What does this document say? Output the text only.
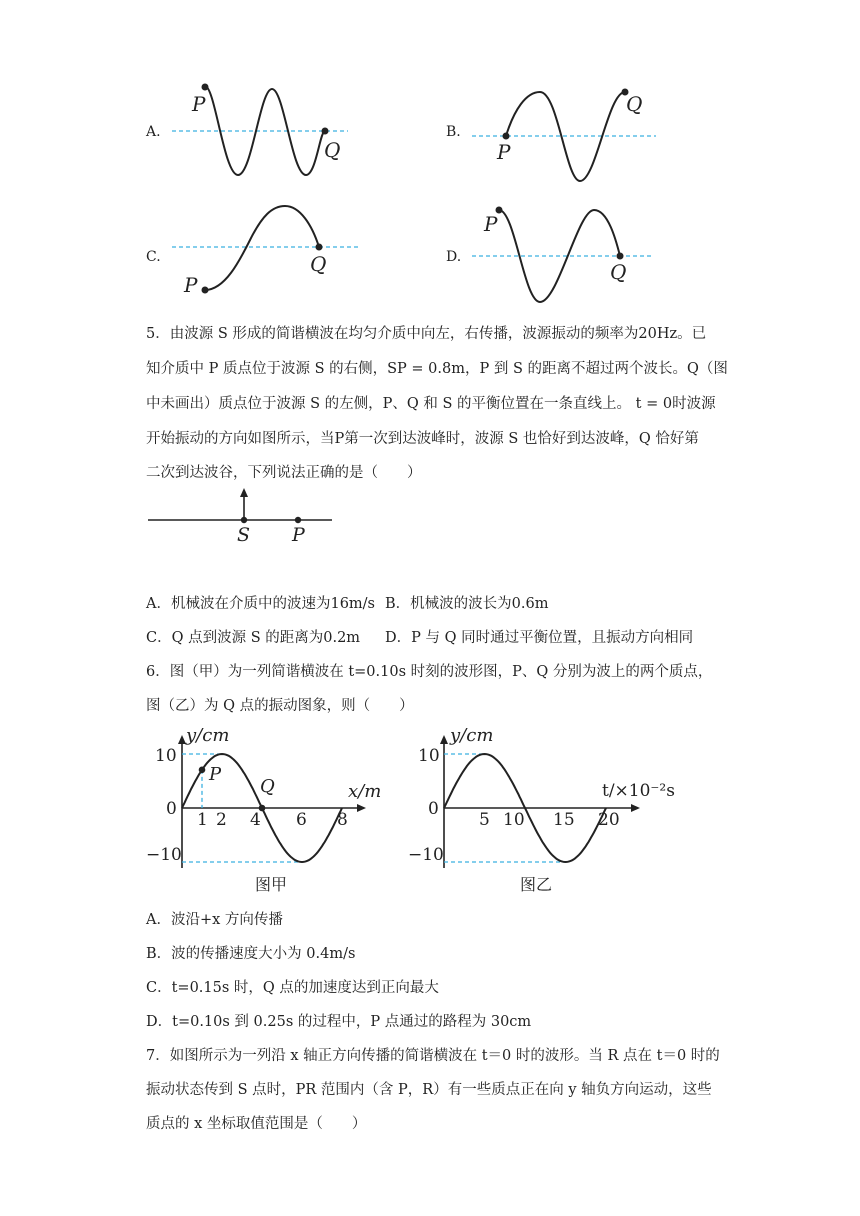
A.
P
Q
B.
P
Q
C.
P
Q	D.
P
Q
5．由波源 S 形成的简谐横波在均匀介质中向左，右传播，波源振动的频率为20Hz。已
知介质中 P 质点位于波源 S 的右侧，SP = 0.8m，P 到 S 的距离不超过两个波长。Q（图
中未画出）质点位于波源 S 的左侧，P、Q 和 S 的平衡位置在一条直线上。 t = 0时波源
开始振动的方向如图所示，当P第一次到达波峰时，波源 S 也恰好到达波峰，Q 恰好第
二次到达波谷，下列说法正确的是（　　）
S P
A．机械波在介质中的波速为16m/s B．机械波的波长为0.6m
C．Q 点到波源 S 的距离为0.2m D．P 与 Q 同时通过平衡位置，且振动方向相同
6．图（甲）为一列简谐横波在 t=0.10s 时刻的波形图，P、Q 分别为波上的两个质点，
图（乙）为 Q 点的振动图象，则（　　）
y/cm
x/m
10
0
−10
1 2 4 6 8
P
Q
图甲
y/cm
t/×10⁻²s
10
0
−10
5 10 15 20
图乙
A．波沿+x 方向传播
B．波的传播速度大小为 0.4m/s
C．t=0.15s 时，Q 点的加速度达到正向最大
D．t=0.10s 到 0.25s 的过程中，P 点通过的路程为 30cm
7．如图所示为一列沿 x 轴正方向传播的简谐横波在 t＝0 时的波形。当 R 点在 t＝0 时的
振动状态传到 S 点时，PR 范围内（含 P，R）有一些质点正在向 y 轴负方向运动，这些
质点的 x 坐标取值范围是（　　）
